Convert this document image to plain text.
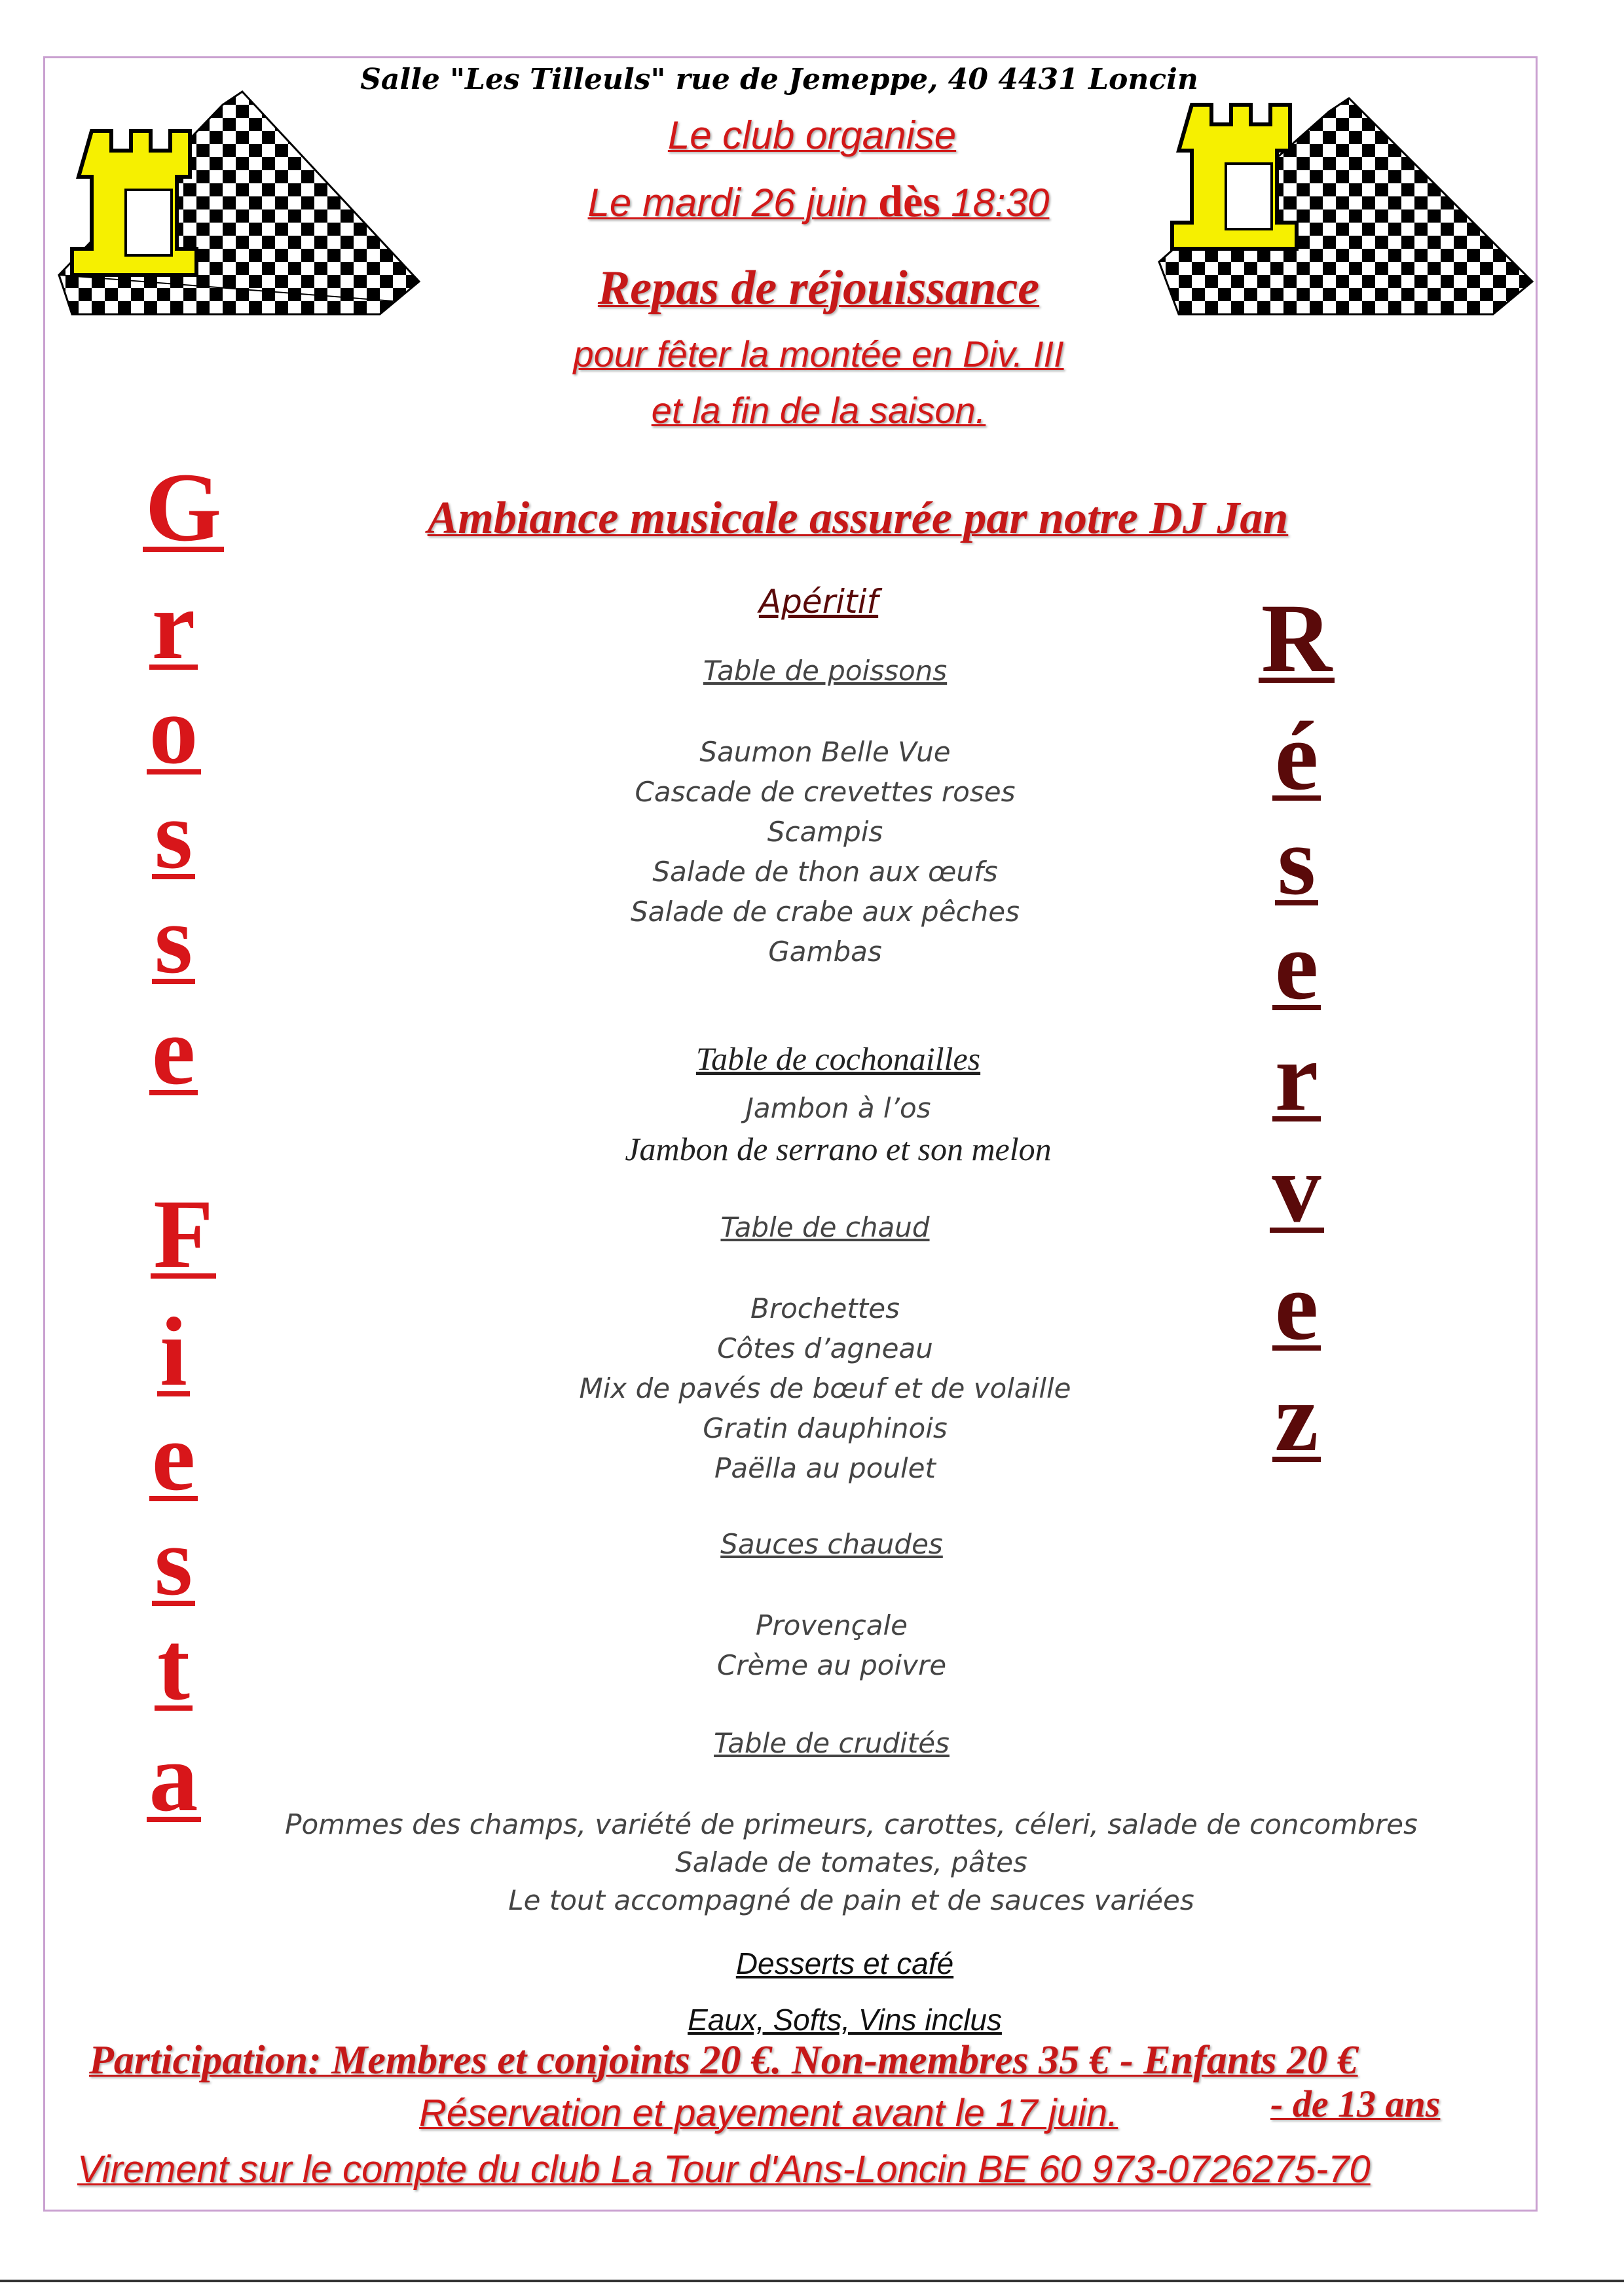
Salle "Les Tilleuls" rue de Jemeppe, 40 4431 Loncin
Le club organise
Le mardi 26 juin dès 18:30
Repas de réjouissance
pour fêter la montée en Div. III
et la fin de la saison.
Ambiance musicale assurée par notre DJ Jan
G
r
o
s
s
e
F
i
e
s
t
a
R
é
s
e
r
v
e
z
Apéritif
Table de poissons
Saumon Belle Vue
Cascade de crevettes roses
Scampis
Salade de thon aux œufs
Salade de crabe aux pêches
Gambas
Table de cochonailles
Jambon à l’os
Jambon de serrano et son melon
Table de chaud
Brochettes
Côtes d’agneau
Mix de pavés de bœuf et de volaille
Gratin dauphinois
Paëlla au poulet
Sauces chaudes
Provençale
Crème au poivre
Table de crudités
Pommes des champs, variété de primeurs, carottes, céleri, salade de concombres
Salade de tomates, pâtes
Le tout accompagné de pain et de sauces variées
Desserts et café
Eaux, Softs, Vins inclus
Participation: Membres et conjoints 20 €. Non-membres 35 € - Enfants 20 €
- de 13 ans
Réservation et payement avant le 17 juin.
Virement sur le compte du club La Tour d'Ans-Loncin BE 60 973-0726275-70
